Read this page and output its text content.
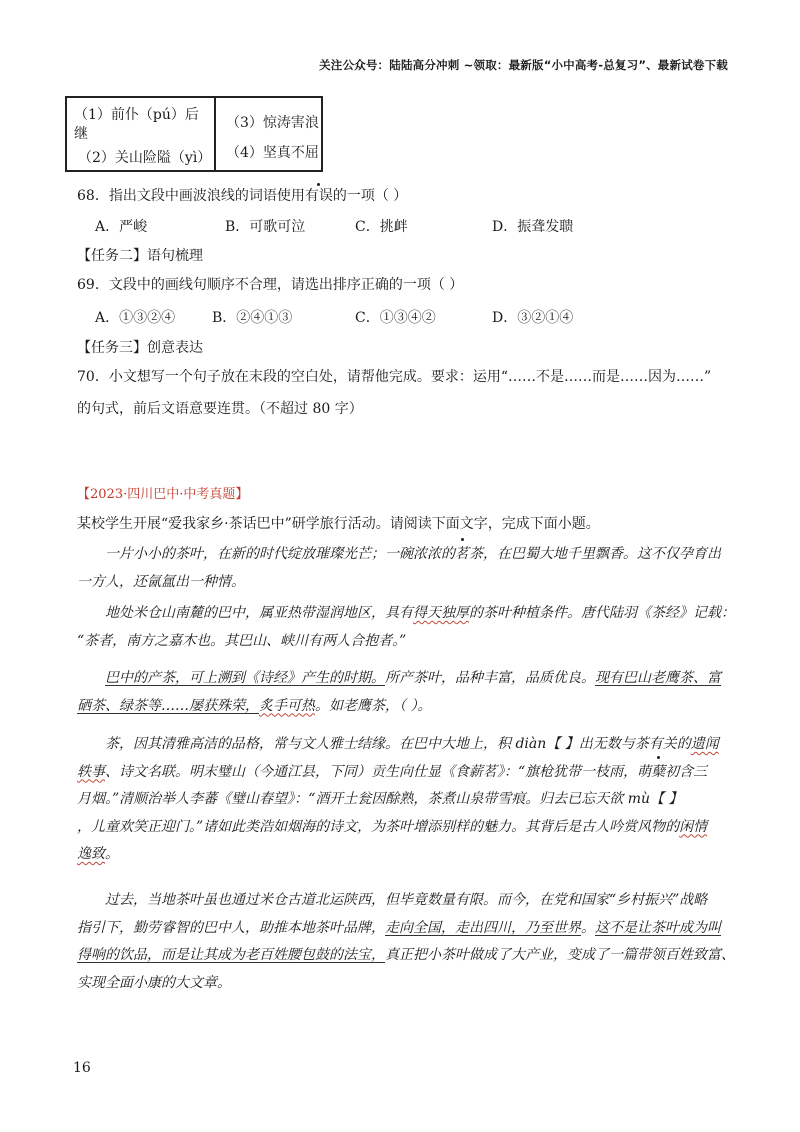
关注公众号：陆陆高分冲刺 ~领取：最新版“小中高考-总复习”、最新试卷下载
（1）前仆（pú）后
继
（2）关山险隘（yì）
（3）惊涛害浪
（4）坚真不屈
68．指出文段中画波浪线的词语使用有误的一项（ ）
A．严峻	B．可歌可泣	C．挑衅	D．振聋发聩
【任务二】语句梳理
69．文段中的画线句顺序不合理，请选出排序正确的一项（ ）
A．①③②④	B．②④①③	C．①③④②	D．③②①④
【任务三】创意表达
70．小文想写一个句子放在末段的空白处，请帮他完成。要求：运用“……不是……而是……因为……”
的句式，前后文语意要连贯。（不超过 80 字）
【2023·四川巴中·中考真题】
某校学生开展“爱我家乡·茶话巴中”研学旅行活动。请阅读下面文字，完成下面小题。
一片小小的茶叶，在新的时代绽放璀璨光芒；一碗浓浓的茗茶，在巴蜀大地千里飘香。这不仅孕育出
一方人，还氤氲出一种情。
地处米仓山南麓的巴中，属亚热带湿润地区，具有得天独厚的茶叶种植条件。唐代陆羽《茶经》记载：
“茶者，南方之嘉木也。其巴山、峡川有两人合抱者。”
巴中的产茶，可上溯到《诗经》产生的时期。所产茶叶，品种丰富，品质优良。现有巴山老鹰茶、富
硒茶、绿茶等……屡获殊荣，炙手可热。如老鹰茶，（ ）。
茶，因其清雅高洁的品格，常与文人雅士结缘。在巴中大地上，积 diàn【 】出无数与茶有关的遗闻
轶事、诗文名联。明末璧山（今通江县，下同）贡生向仕显《食薪茗》：“旗枪犹带一枝雨，萌蘖初含三
月烟。”清顺治举人李蕃《璧山春望》：“酒开土瓮因酴熟，茶煮山泉带雪痕。归去已忘天欲 mù【 】
，儿童欢笑正迎门。”诸如此类浩如烟海的诗文，为茶叶增添别样的魅力。其背后是古人吟赏风物的闲情
逸致。
过去，当地茶叶虽也通过米仓古道北运陕西，但毕竟数量有限。而今，在党和国家“乡村振兴”战略
指引下，勤劳睿智的巴中人，助推本地茶叶品牌，走向全国，走出四川，乃至世界。这不是让茶叶成为叫
得响的饮品，而是让其成为老百姓腰包鼓的法宝，真正把小茶叶做成了大产业，变成了一篇带领百姓致富、
实现全面小康的大文章。
16
